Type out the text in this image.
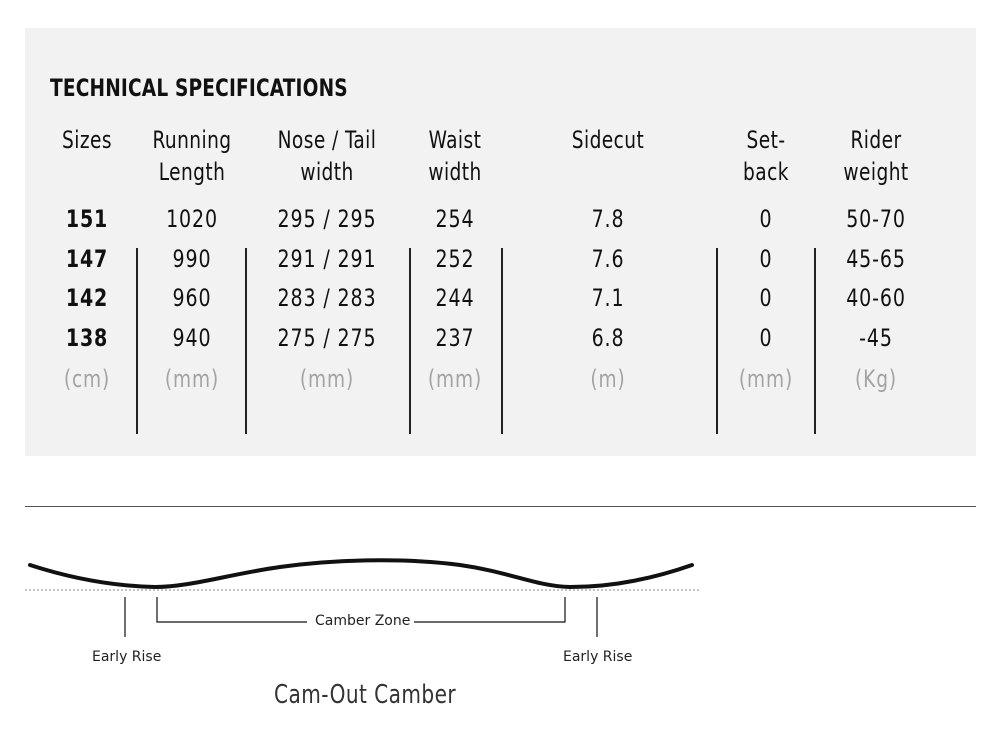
TECHNICAL SPECIFICATIONS
Sizes
151
147
142
138
(cm)
Running
Length
1020
990
960
940
(mm)
Nose / Tail
width
295 / 295
291 / 291
283 / 283
275 / 275
(mm)
Waist
width
254
252
244
237
(mm)
Sidecut
7.8
7.6
7.1
6.8
(m)
Set-
back
0
0
0
0
(mm)
Rider
weight
50-70
45-65
40-60
-45
(Kg)
Camber Zone
Early Rise	Early Rise
Cam-Out Camber
